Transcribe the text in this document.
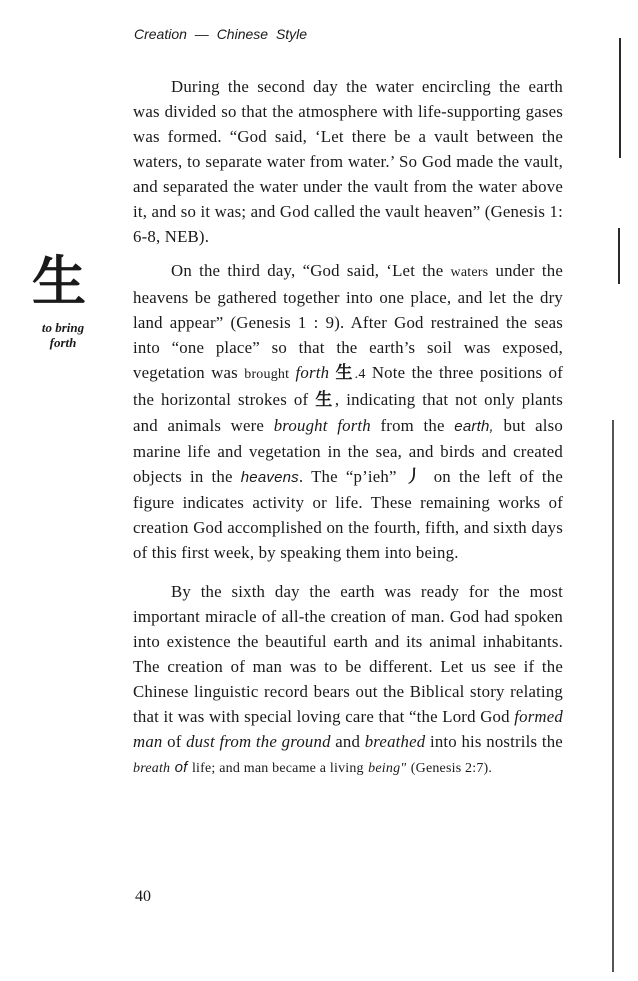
Creation — Chinese Style
生
to bring
forth

During the second day the water encircling the earth was divided so that the atmosphere with life-supporting gases was formed. “God said, ‘Let there be a vault between the waters, to separate water from water.’ So God made the vault, and separated the water under the vault from the water above it, and so it was; and God called the vault heaven” (Genesis 1: 6-8, NEB).

On the third day, “God said, ‘Let the waters under the heavens be gathered together into one place, and let the dry land appear” (Genesis 1 : 9). After God restrained the seas into “one place” so that the earth’s soil was exposed, vegetation was brought forth 生.4 Note the three positions of the horizontal strokes of 生, indicating that not only plants and animals were brought forth from the earth, but also marine life and vegetation in the sea, and birds and created objects in the heavens. The “p’ieh” 丿 on the left of the figure indicates activity or life. These remaining works of creation God accomplished on the fourth, fifth, and sixth days of this first week, by speaking them into being.

By the sixth day the earth was ready for the most important miracle of all-the creation of man. God had spoken into existence the beautiful earth and its animal inhabitants. The creation of man was to be different. Let us see if the Chinese linguistic record bears out the Biblical story relating that it was with special loving care that “the Lord God formed man of dust from the ground and breathed into his nostrils the breath of life; and man became a living being" (Genesis 2:7).

40
